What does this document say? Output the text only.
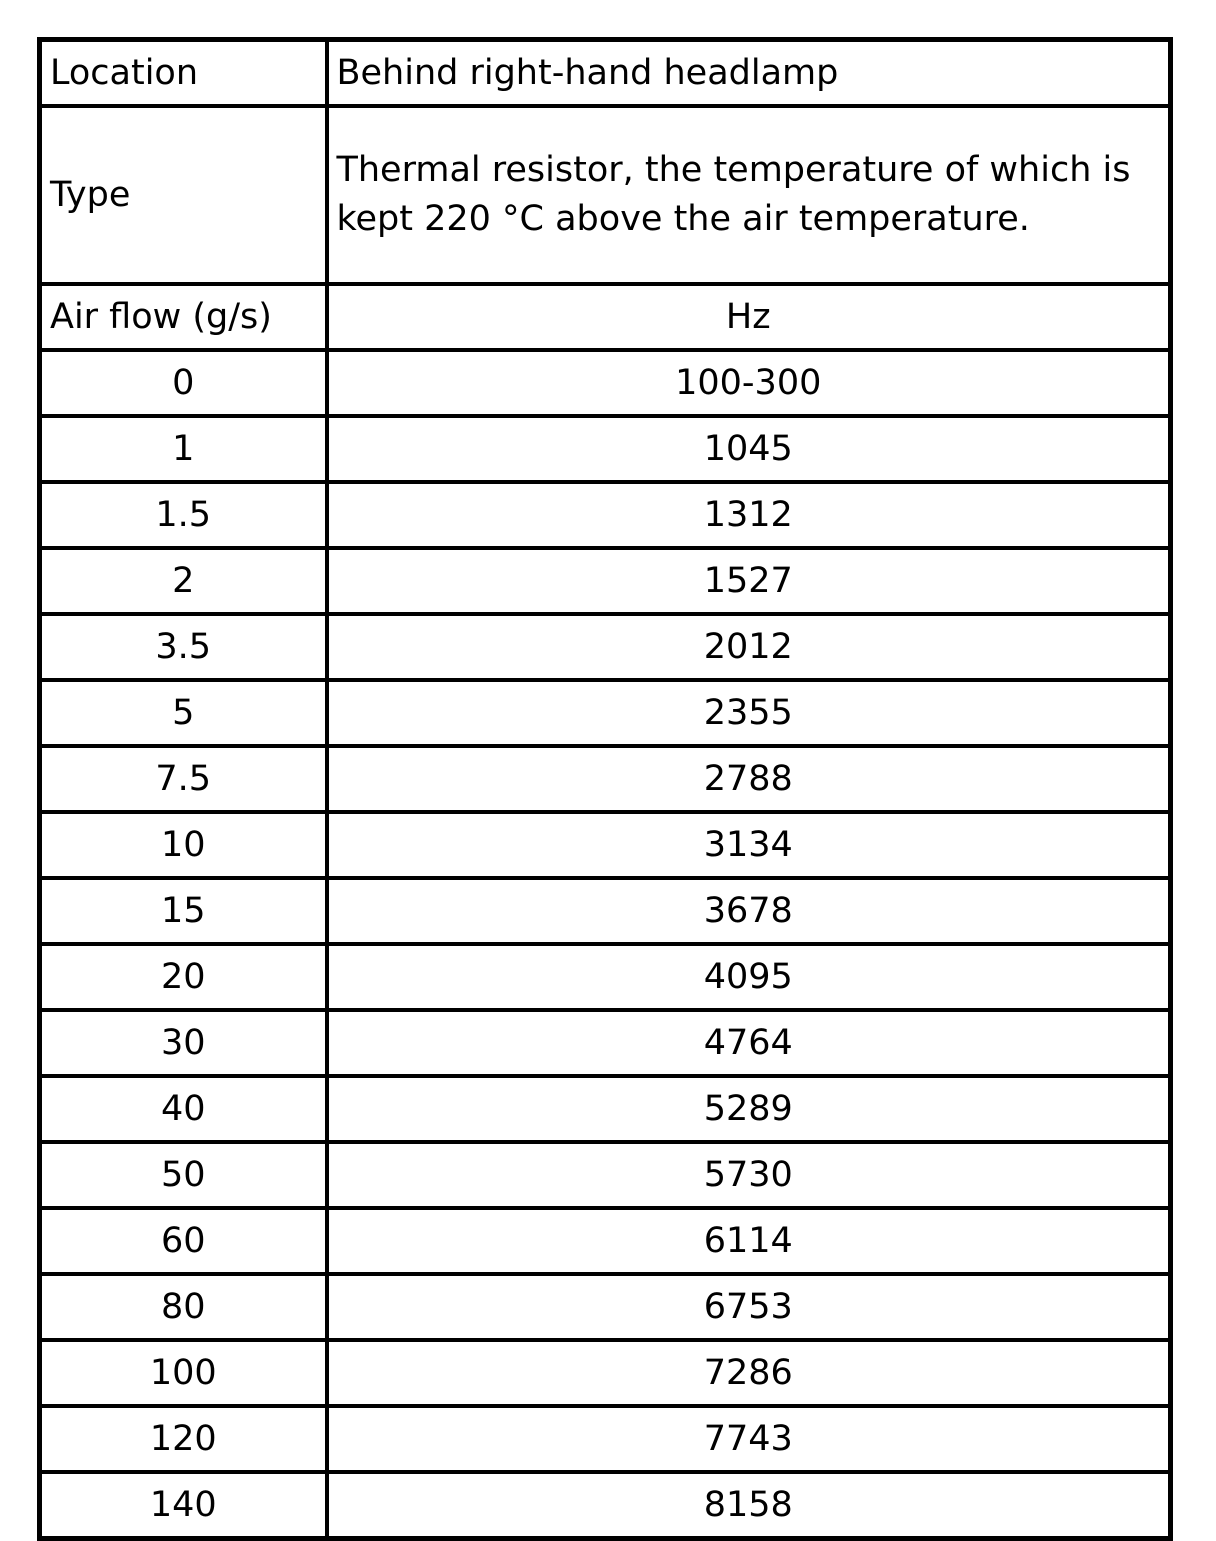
Location	Behind right-hand headlamp
Type	Thermal resistor, the temperature of which is kept 220 °C above the air temperature.
Air flow (g/s)	Hz
0	100-300
1	1045
1.5	1312
2	1527
3.5	2012
5	2355
7.5	2788
10	3134
15	3678
20	4095
30	4764
40	5289
50	5730
60	6114
80	6753
100	7286
120	7743
140	8158
